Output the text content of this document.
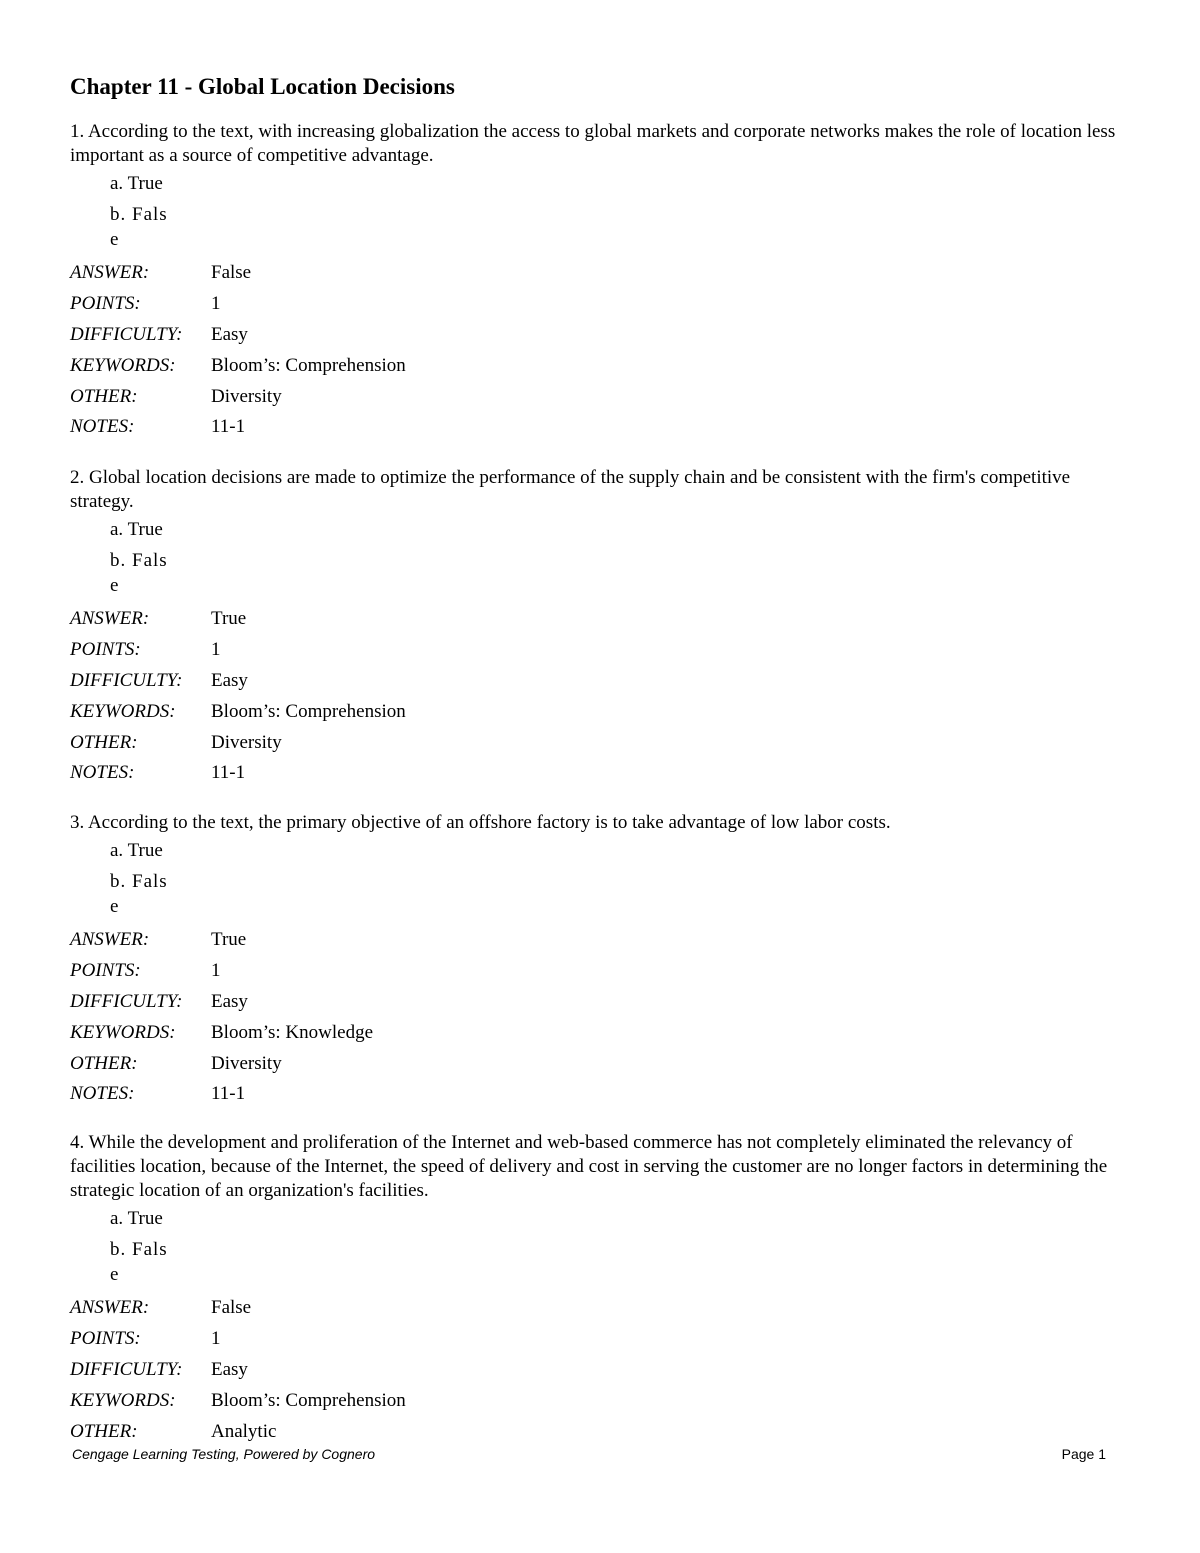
Chapter 11 - Global Location Decisions

1. According to the text, with increasing globalization the access to global markets and corporate networks makes the role of location less important as a source of competitive advantage.

a. True
b. False
ANSWER:	False
POINTS:	1
DIFFICULTY:	Easy
KEYWORDS:	Bloom’s: Comprehension
OTHER:	Diversity
NOTES:	11-1

2. Global location decisions are made to optimize the performance of the supply chain and be consistent with the firm's competitive strategy.

a. True
b. False
ANSWER:	True
POINTS:	1
DIFFICULTY:	Easy
KEYWORDS:	Bloom’s: Comprehension
OTHER:	Diversity
NOTES:	11-1

3. According to the text, the primary objective of an offshore factory is to take advantage of low labor costs.

a. True
b. False
ANSWER:	True
POINTS:	1
DIFFICULTY:	Easy
KEYWORDS:	Bloom’s: Knowledge
OTHER:	Diversity
NOTES:	11-1

4. While the development and proliferation of the Internet and web-based commerce has not completely eliminated the relevancy of facilities location, because of the Internet, the speed of delivery and cost in serving the customer are no longer factors in determining the strategic location of an organization's facilities.

a. True
b. False
ANSWER:	False
POINTS:	1
DIFFICULTY:	Easy
KEYWORDS:	Bloom’s: Comprehension
OTHER:	Analytic
Cengage Learning Testing, Powered by Cognero	Page 1
